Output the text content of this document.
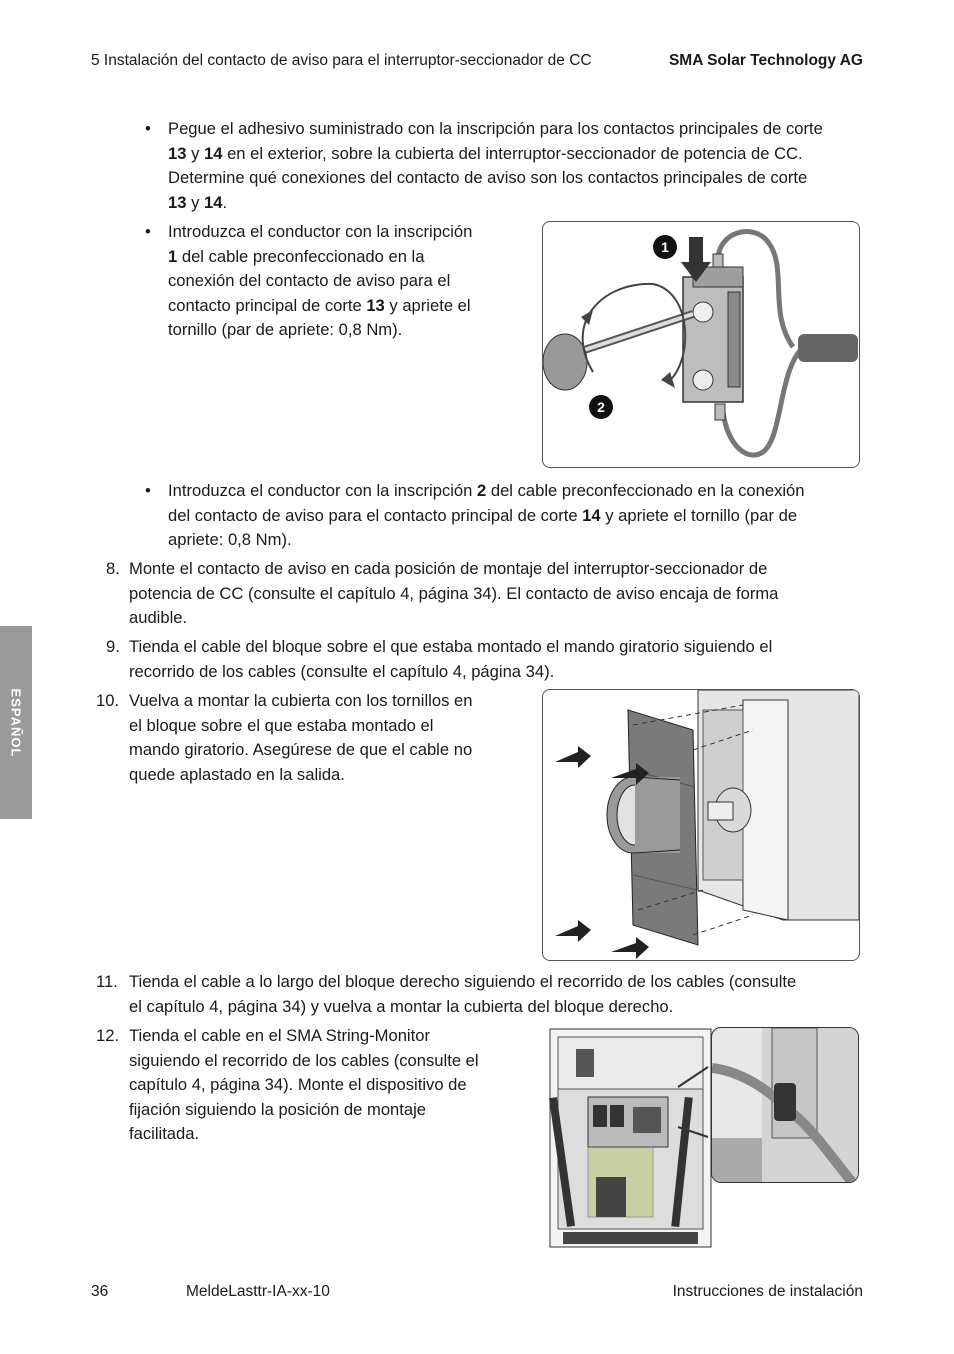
5 Instalación del contacto de aviso para el interruptor-seccionador de CC	SMA Solar Technology AG
• Pegue el adhesivo suministrado con la inscripción para los contactos principales de corte
13 y 14 en el exterior, sobre la cubierta del interruptor-seccionador de potencia de CC.
Determine qué conexiones del contacto de aviso son los contactos principales de corte
13 y 14.
• Introduzca el conductor con la inscripción
1 del cable preconfeccionado en la
conexión del contacto de aviso para el
contacto principal de corte 13 y apriete el
tornillo (par de apriete: 0,8 Nm).
1
2
• Introduzca el conductor con la inscripción 2 del cable preconfeccionado en la conexión
del contacto de aviso para el contacto principal de corte 14 y apriete el tornillo (par de
apriete: 0,8 Nm).
8. Monte el contacto de aviso en cada posición de montaje del interruptor-seccionador de
potencia de CC (consulte el capítulo 4, página 34). El contacto de aviso encaja de forma
audible.
9. Tienda el cable del bloque sobre el que estaba montado el mando giratorio siguiendo el
recorrido de los cables (consulte el capítulo 4, página 34).
10. Vuelva a montar la cubierta con los tornillos en
el bloque sobre el que estaba montado el
mando giratorio. Asegúrese de que el cable no
quede aplastado en la salida.
11. Tienda el cable a lo largo del bloque derecho siguiendo el recorrido de los cables (consulte
el capítulo 4, página 34) y vuelva a montar la cubierta del bloque derecho.
12. Tienda el cable en el SMA String-Monitor
siguiendo el recorrido de los cables (consulte el
capítulo 4, página 34). Monte el dispositivo de
fijación siguiendo la posición de montaje
facilitada.
ESPAÑOL
36	MeldeLasttr-IA-xx-10	Instrucciones de instalación
